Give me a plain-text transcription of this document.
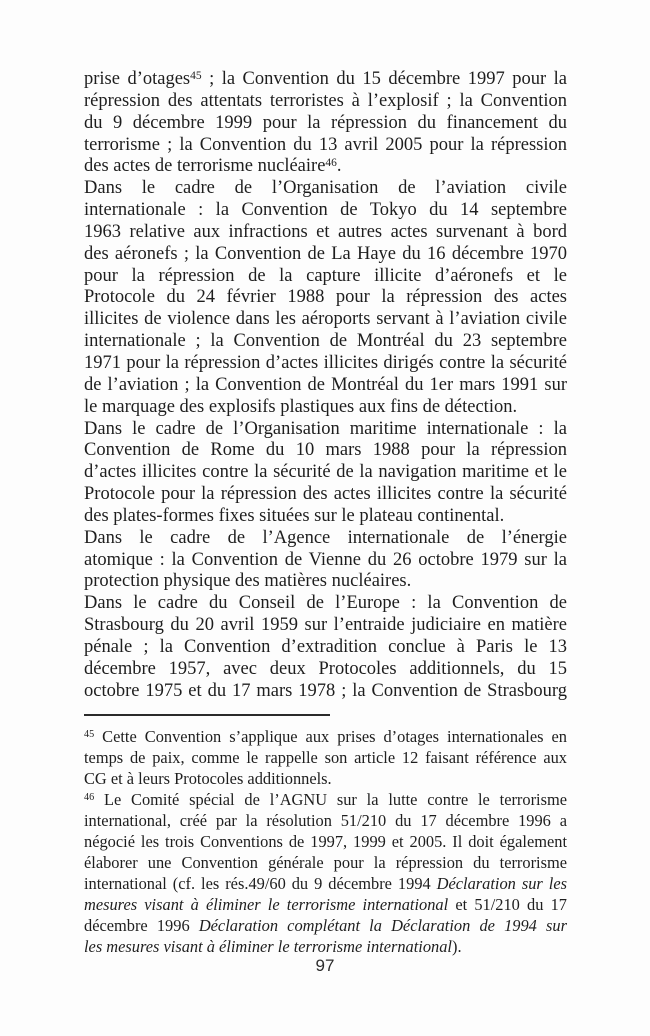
prise d’otages$^{45}$ ; la Convention du 15 décembre 1997 pour la
répression des attentats terroristes à l’explosif ; la Convention
du 9 décembre 1999 pour la répression du financement du
terrorisme ; la Convention du 13 avril 2005 pour la répression
des actes de terrorisme nucléaire$^{46}$.
Dans le cadre de l’Organisation de l’aviation civile
internationale : la Convention de Tokyo du 14 septembre
1963 relative aux infractions et autres actes survenant à bord
des aéronefs ; la Convention de La Haye du 16 décembre 1970
pour la répression de la capture illicite d’aéronefs et le
Protocole du 24 février 1988 pour la répression des actes
illicites de violence dans les aéroports servant à l’aviation civile
internationale ; la Convention de Montréal du 23 septembre
1971 pour la répression d’actes illicites dirigés contre la sécurité
de l’aviation ; la Convention de Montréal du 1er mars 1991 sur
le marquage des explosifs plastiques aux fins de détection.
Dans le cadre de l’Organisation maritime internationale : la
Convention de Rome du 10 mars 1988 pour la répression
d’actes illicites contre la sécurité de la navigation maritime et le
Protocole pour la répression des actes illicites contre la sécurité
des plates-formes fixes situées sur le plateau continental.
Dans le cadre de l’Agence internationale de l’énergie
atomique : la Convention de Vienne du 26 octobre 1979 sur la
protection physique des matières nucléaires.
Dans le cadre du Conseil de l’Europe : la Convention de
Strasbourg du 20 avril 1959 sur l’entraide judiciaire en matière
pénale ; la Convention d’extradition conclue à Paris le 13
décembre 1957, avec deux Protocoles additionnels, du 15
octobre 1975 et du 17 mars 1978 ; la Convention de Strasbourg
$^{45}$ Cette Convention s’applique aux prises d’otages internationales en
temps de paix, comme le rappelle son article 12 faisant référence aux
CG et à leurs Protocoles additionnels.
$^{46}$ Le Comité spécial de l’AGNU sur la lutte contre le terrorisme
international, créé par la résolution 51/210 du 17 décembre 1996 a
négocié les trois Conventions de 1997, 1999 et 2005. Il doit également
élaborer une Convention générale pour la répression du terrorisme
international (cf. les rés.49/60 du 9 décembre 1994 Déclaration sur les
mesures visant à éliminer le terrorisme international et 51/210 du 17
décembre 1996 Déclaration complétant la Déclaration de 1994 sur
les mesures visant à éliminer le terrorisme international).
97
